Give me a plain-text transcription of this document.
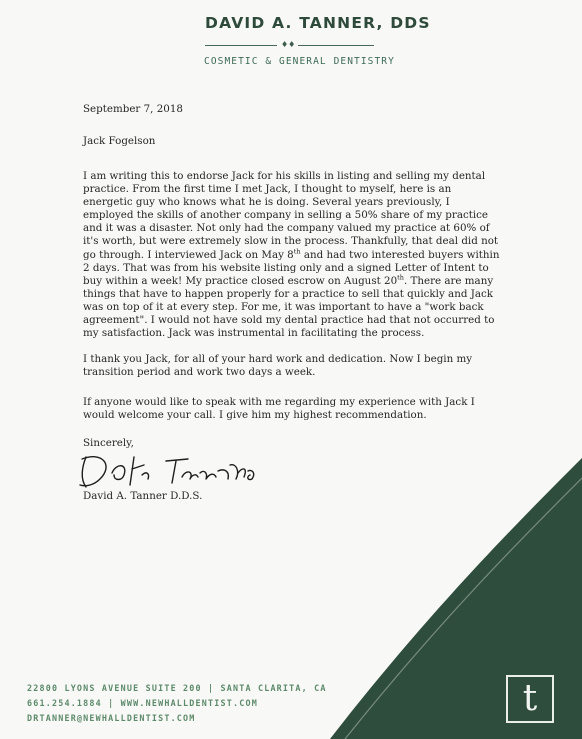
DAVID A. TANNER, DDS
♦♦
COSMETIC & GENERAL DENTISTRY
September 7, 2018
Jack Fogelson
I am writing this to endorse Jack for his skills in listing and selling my dental practice. From the first time I met Jack, I thought to myself, here is an energetic guy who knows what he is doing. Several years previously, I employed the skills of another company in selling a 50% share of my practice and it was a disaster. Not only had the company valued my practice at 60% of it's worth, but were extremely slow in the process. Thankfully, that deal did not go through. I interviewed Jack on May 8th and had two interested buyers within 2 days. That was from his website listing only and a signed Letter of Intent to buy within a week! My practice closed escrow on August 20th. There are many things that have to happen properly for a practice to sell that quickly and Jack was on top of it at every step. For me, it was important to have a "work back agreement". I would not have sold my dental practice had that not occurred to my satisfaction. Jack was instrumental in facilitating the process.
I thank you Jack, for all of your hard work and dedication. Now I begin my transition period and work two days a week.
If anyone would like to speak with me regarding my experience with Jack I would welcome your call. I give him my highest recommendation.
Sincerely,
David A. Tanner D.D.S.
22800 LYONS AVENUE SUITE 200 | SANTA CLARITA, CA
661.254.1884 | WWW.NEWHALLDENTIST.COM
DRTANNER@NEWHALLDENTIST.COM	t
